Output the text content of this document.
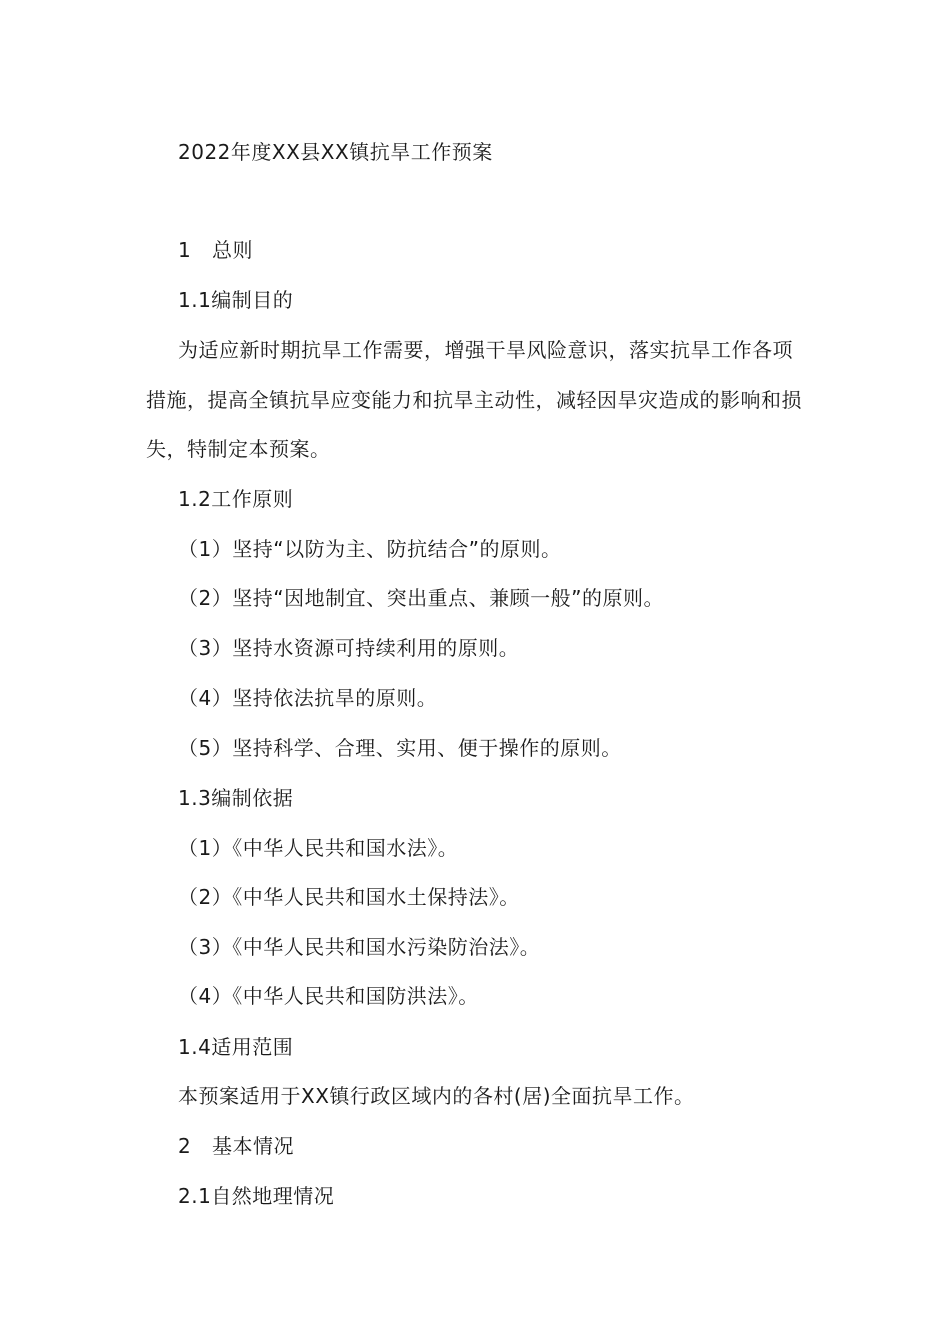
2022年度XX县XX镇抗旱工作预案
1 总则
1.1编制目的
为适应新时期抗旱工作需要，增强干旱风险意识，落实抗旱工作各项措施，提高全镇抗旱应变能力和抗旱主动性，减轻因旱灾造成的影响和损失，特制定本预案。
1.2工作原则
（1）坚持“以防为主、防抗结合”的原则。
（2）坚持“因地制宜、突出重点、兼顾一般”的原则。
（3）坚持水资源可持续利用的原则。
（4）坚持依法抗旱的原则。
（5）坚持科学、合理、实用、便于操作的原则。
1.3编制依据
（1）《中华人民共和国水法》。
（2）《中华人民共和国水土保持法》。
（3）《中华人民共和国水污染防治法》。
（4）《中华人民共和国防洪法》。
1.4适用范围
本预案适用于XX镇行政区域内的各村(居)全面抗旱工作。
2 基本情况
2.1自然地理情况
